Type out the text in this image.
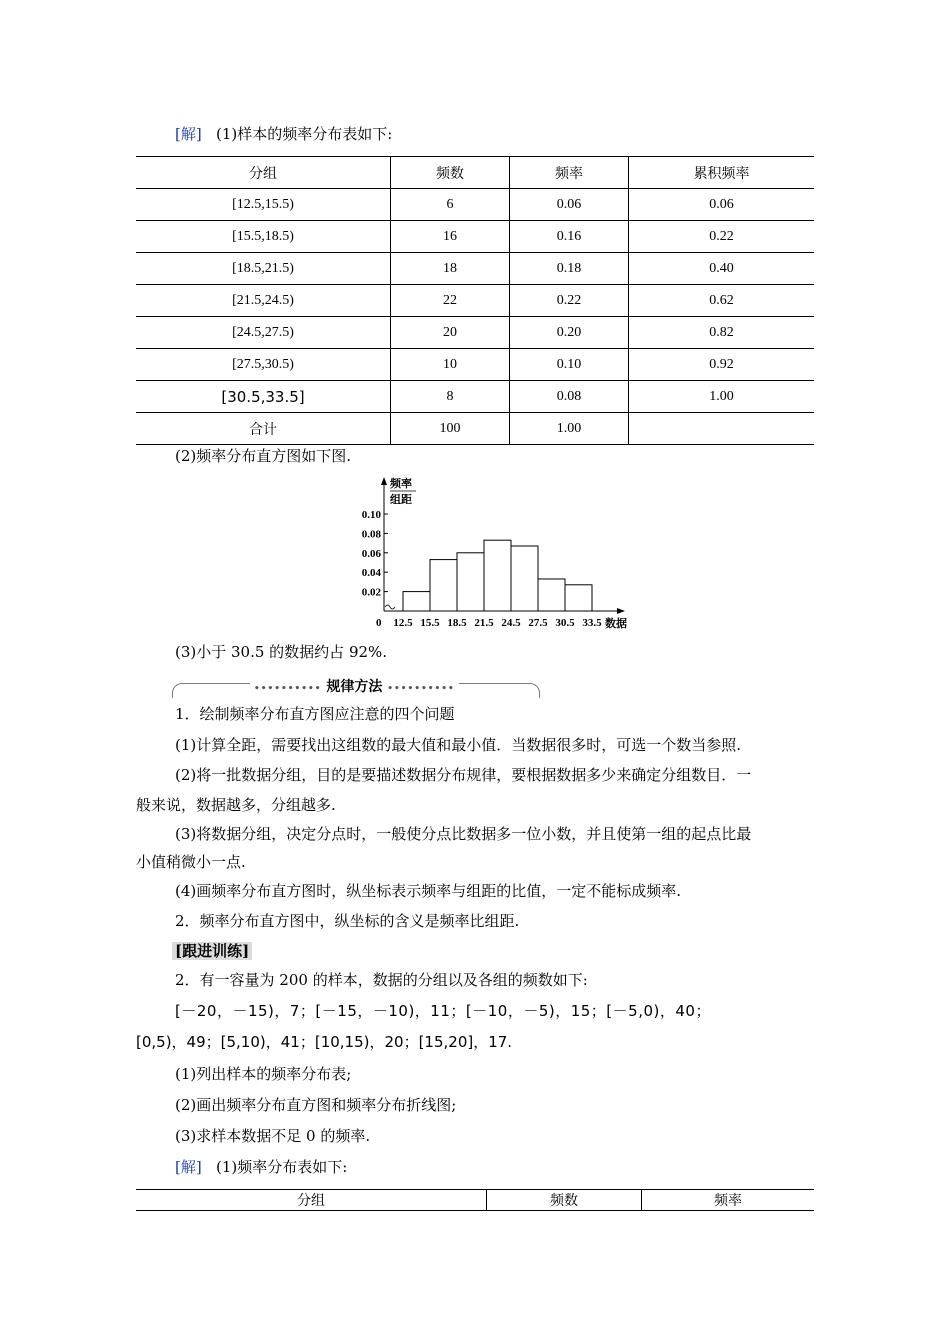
[解] (1)样本的频率分布表如下:
分组	频数	频率	累积频率
[12.5,15.5)	6	0.06	0.06
[15.5,18.5)	16	0.16	0.22
[18.5,21.5)	18	0.18	0.40
[21.5,24.5)	22	0.22	0.62
[24.5,27.5)	20	0.20	0.82
[27.5,30.5)	10	0.10	0.92
[30.5,33.5]	8	0.08	1.00
合计	100	1.00	
(2)频率分布直方图如下图.
频率
组距
0	数据
0.02
0.04
0.06
0.08
0.10
12.5 15.5 18.5 21.5 24.5 27.5 30.5 33.5
(3)小于 30.5 的数据约占 92%.
•••••••••• 规律方法 ••••••••••
1．绘制频率分布直方图应注意的四个问题
(1)计算全距，需要找出这组数的最大值和最小值．当数据很多时，可选一个数当参照.
(2)将一批数据分组，目的是要描述数据分布规律，要根据数据多少来确定分组数目．一
般来说，数据越多，分组越多.
(3)将数据分组，决定分点时，一般使分点比数据多一位小数，并且使第一组的起点比最
小值稍微小一点.
(4)画频率分布直方图时，纵坐标表示频率与组距的比值，一定不能标成频率.
2．频率分布直方图中，纵坐标的含义是频率比组距.
[跟进训练]
2．有一容量为 200 的样本，数据的分组以及各组的频数如下:
[－20，－15)，7；[－15，－10)，11；[－10，－5)，15；[－5,0)，40；
[0,5)，49；[5,10)，41；[10,15)，20；[15,20]，17.
(1)列出样本的频率分布表;
(2)画出频率分布直方图和频率分布折线图;
(3)求样本数据不足 0 的频率.
[解] (1)频率分布表如下:
分组	频数	频率
